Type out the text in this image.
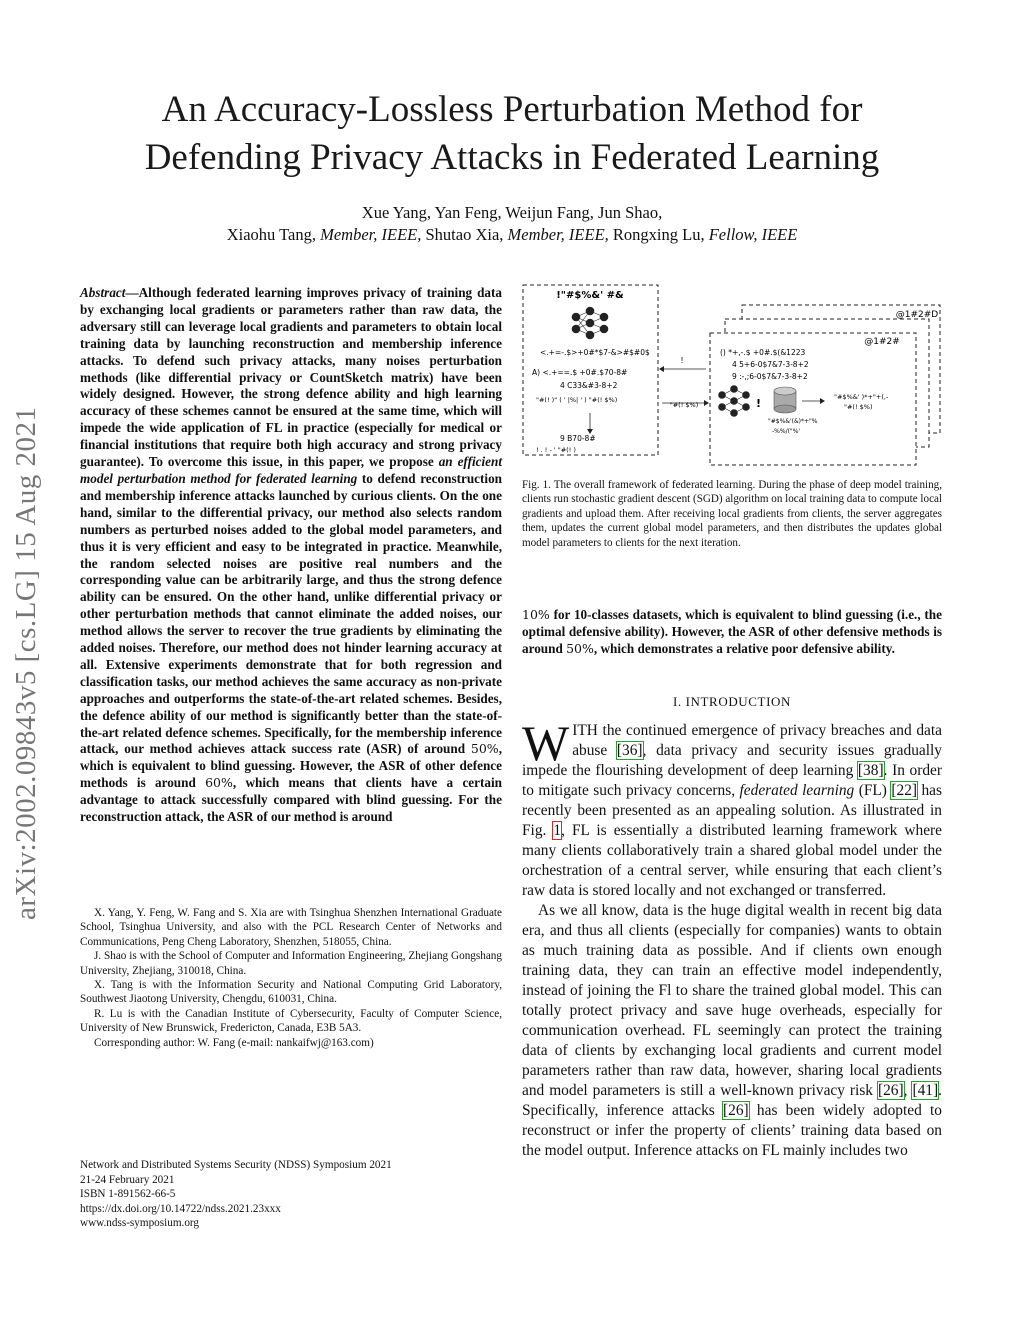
An Accuracy-Lossless Perturbation Method for
Defending Privacy Attacks in Federated Learning
Xue Yang, Yan Feng, Weijun Fang, Jun Shao,
Xiaohu Tang, Member, IEEE, Shutao Xia, Member, IEEE, Rongxing Lu, Fellow, IEEE
arXiv:2002.09843v5 [cs.LG] 15 Aug 2021
Abstract—Although federated learning improves privacy of training data by exchanging local gradients or parameters rather than raw data, the adversary still can leverage local gradients and parameters to obtain local training data by launching reconstruction and membership inference attacks. To defend such privacy attacks, many noises perturbation methods (like differential privacy or CountSketch matrix) have been widely designed. However, the strong defence ability and high learning accuracy of these schemes cannot be ensured at the same time, which will impede the wide application of FL in practice (especially for medical or financial institutions that require both high accuracy and strong privacy guarantee). To overcome this issue, in this paper, we propose an efficient model perturbation method for federated learning to defend reconstruction and membership inference attacks launched by curious clients. On the one hand, similar to the differential privacy, our method also selects random numbers as perturbed noises added to the global model parameters, and thus it is very efficient and easy to be integrated in practice. Meanwhile, the random selected noises are positive real numbers and the corresponding value can be arbitrarily large, and thus the strong defence ability can be ensured. On the other hand, unlike differential privacy or other perturbation methods that cannot eliminate the added noises, our method allows the server to recover the true gradients by eliminating the added noises. Therefore, our method does not hinder learning accuracy at all. Extensive experiments demonstrate that for both regression and classification tasks, our method achieves the same accuracy as non-private approaches and outperforms the state-of-the-art related schemes. Besides, the defence ability of our method is significantly better than the state-of-the-art related defence schemes. Specifically, for the membership inference attack, our method achieves attack success rate (ASR) of around 50%, which is equivalent to blind guessing. However, the ASR of other defence methods is around 60%, which means that clients have a certain advantage to attack successfully compared with blind guessing. For the reconstruction attack, the ASR of our method is around

X. Yang, Y. Feng, W. Fang and S. Xia are with Tsinghua Shenzhen International Graduate School, Tsinghua University, and also with the PCL Research Center of Networks and Communications, Peng Cheng Laboratory, Shenzhen, 518055, China.

J. Shao is with the School of Computer and Information Engineering, Zhejiang Gongshang University, Zhejiang, 310018, China.

X. Tang is with the Information Security and National Computing Grid Laboratory, Southwest Jiaotong University, Chengdu, 610031, China.

R. Lu is with the Canadian Institute of Cybersecurity, Faculty of Computer Science, University of New Brunswick, Fredericton, Canada, E3B 5A3.

Corresponding author: W. Fang (e-mail: nankaifwj@163.com)

Network and Distributed Systems Security (NDSS) Symposium 2021
21-24 February 2021
ISBN 1-891562-66-5
https://dx.doi.org/10.14722/ndss.2021.23xxx
www.ndss-symposium.org
!"#$%&' #&
<.+=-.$>+0#*$7-&>#$#0$
A) <.+==.$ +0#.$70-8#
4 C33&#3-8+2
"#(! )" ( ' |%| ' ) "#(! $%)
9 B70-8#
! . ! - ' "#(! )
!
"#(! $%)
@1#2#D
@1#2#
() *+,-.$ +0#.$(&1223
4 5+6-0$7&7-3-8+2
9 :-,;6-0$7&7-3-8+2
!
"#$%&'(&)*+"%
-%%/("%'
"#$%&' )*+"+(,-
"#(! $%)
Fig. 1. The overall framework of federated learning. During the phase of deep model training, clients run stochastic gradient descent (SGD) algorithm on local training data to compute local gradients and upload them. After receiving local gradients from clients, the server aggregates them, updates the current global model parameters, and then distributes the updates global model parameters to clients for the next iteration.
10% for 10-classes datasets, which is equivalent to blind guessing (i.e., the optimal defensive ability). However, the ASR of other defensive methods is around 50%, which demonstrates a relative poor defensive ability.
I. INTRODUCTION

WITH the continued emergence of privacy breaches and data abuse [36], data privacy and security issues gradually impede the flourishing development of deep learning [38]. In order to mitigate such privacy concerns, federated learning (FL) [22] has recently been presented as an appealing solution. As illustrated in Fig. 1, FL is essentially a distributed learning framework where many clients collaboratively train a shared global model under the orchestration of a central server, while ensuring that each client’s raw data is stored locally and not exchanged or transferred.

As we all know, data is the huge digital wealth in recent big data era, and thus all clients (especially for companies) wants to obtain as much training data as possible. And if clients own enough training data, they can train an effective model independently, instead of joining the Fl to share the trained global model. This can totally protect privacy and save huge overheads, especially for communication overhead. FL seemingly can protect the training data of clients by exchanging local gradients and current model parameters rather than raw data, however, sharing local gradients and model parameters is still a well-known privacy risk [26], [41]. Specifically, inference attacks [26] has been widely adopted to reconstruct or infer the property of clients’ training data based on the model output. Inference attacks on FL mainly includes two
